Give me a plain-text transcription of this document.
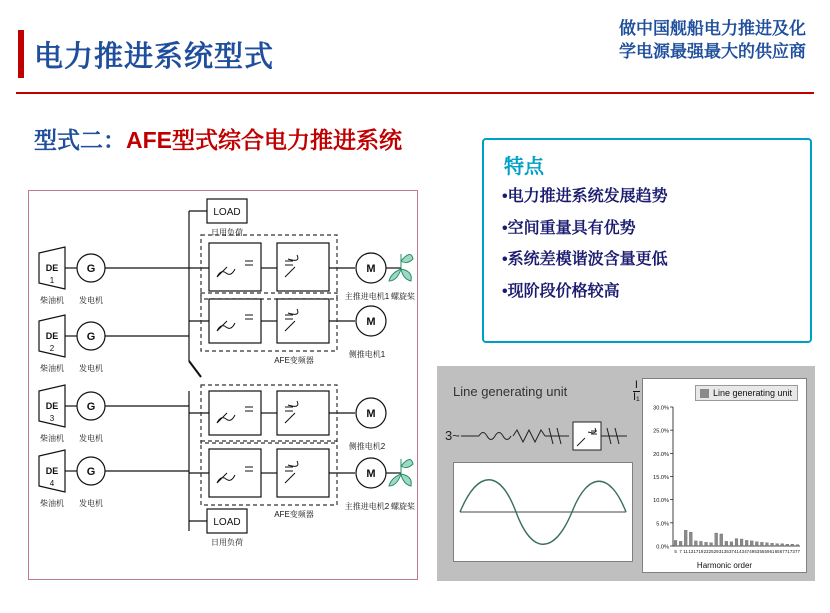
电力推进系统型式
做中国舰船电力推进及化
学电源最强最大的供应商
型式二：AFE型式综合电力推进系统
特点
•电力推进系统发展趋势
•空间重量具有优势
•系统差模谐波含量更低
•现阶段价格较高
LOAD
日用负荷
LOAD
日用负荷
DE
1
柴油机
G
发电机
DE
2
柴油机
G
发电机
DE
3
柴油机
G
发电机
DE
4
柴油机
G
发电机
M
M
M
M
主推进电机1 螺旋桨
侧推电机1
侧推电机2
主推进电机2 螺旋桨
AFE变频器
AFE变频器
Line generating unit
3~
$\frac{I}{\text{I₁}}$	Line generating unit
30.0%
25.0%
20.0%
15.0%
10.0%
5.0%
0.0%
5 7 11 13 17 19 23 25 29 31 35 37 41 43 47 49 53 55 59 61 65 67 71 73 77
Harmonic order
